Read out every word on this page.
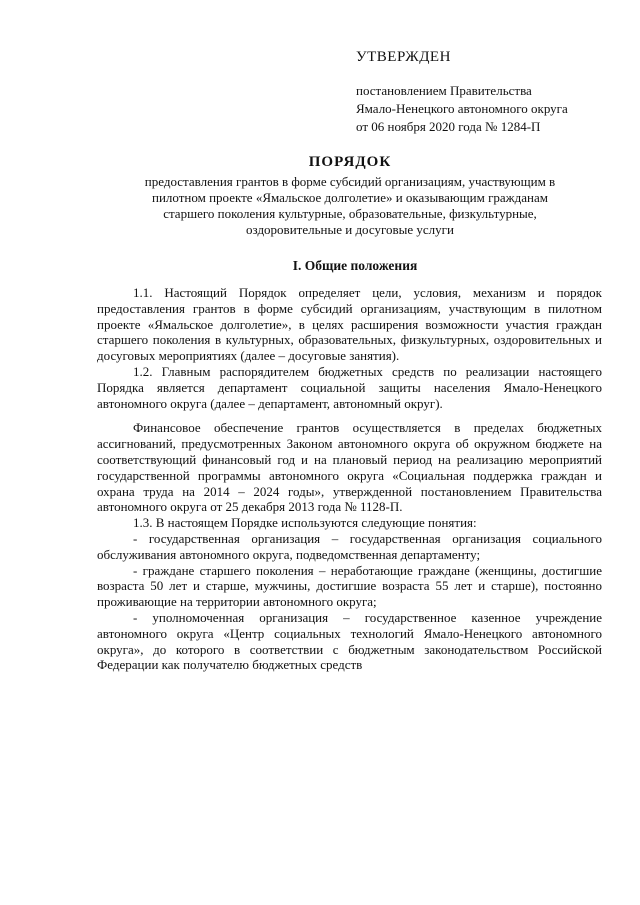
УТВЕРЖДЕН
постановлением Правительства
Ямало-Ненецкого автономного округа
от 06 ноября 2020 года № 1284-П
ПОРЯДОК
предоставления грантов в форме субсидий организациям, участвующим в
пилотном проекте «Ямальское долголетие» и оказывающим гражданам
старшего поколения культурные, образовательные, физкультурные,
оздоровительные и досуговые услуги
I. Общие положения

1.1. Настоящий Порядок определяет цели, условия, механизм и порядок предоставления грантов в форме субсидий организациям, участвующим в пилотном проекте «Ямальское долголетие», в целях расширения возможности участия граждан старшего поколения в культурных, образовательных, физкультурных, оздоровительных и досуговых мероприятиях (далее – досуговые занятия).

1.2. Главным распорядителем бюджетных средств по реализации настоящего Порядка является департамент социальной защиты населения Ямало-Ненецкого автономного округа (далее – департамент, автономный округ).

Финансовое обеспечение грантов осуществляется в пределах бюджетных ассигнований, предусмотренных Законом автономного округа об окружном бюджете на соответствующий финансовый год и на плановый период на реализацию мероприятий государственной программы автономного округа «Социальная поддержка граждан и охрана труда на 2014 – 2024 годы», утвержденной постановлением Правительства автономного округа от 25 декабря 2013 года № 1128-П.

1.3. В настоящем Порядке используются следующие понятия:

- государственная организация – государственная организация социального обслуживания автономного округа, подведомственная департаменту;

- граждане старшего поколения – неработающие граждане (женщины, достигшие возраста 50 лет и старше, мужчины, достигшие возраста 55 лет и старше), постоянно проживающие на территории автономного округа;

- уполномоченная организация – государственное казенное учреждение автономного округа «Центр социальных технологий Ямало-Ненецкого автономного округа», до которого в соответствии с бюджетным законодательством Российской Федерации как получателю бюджетных средств
